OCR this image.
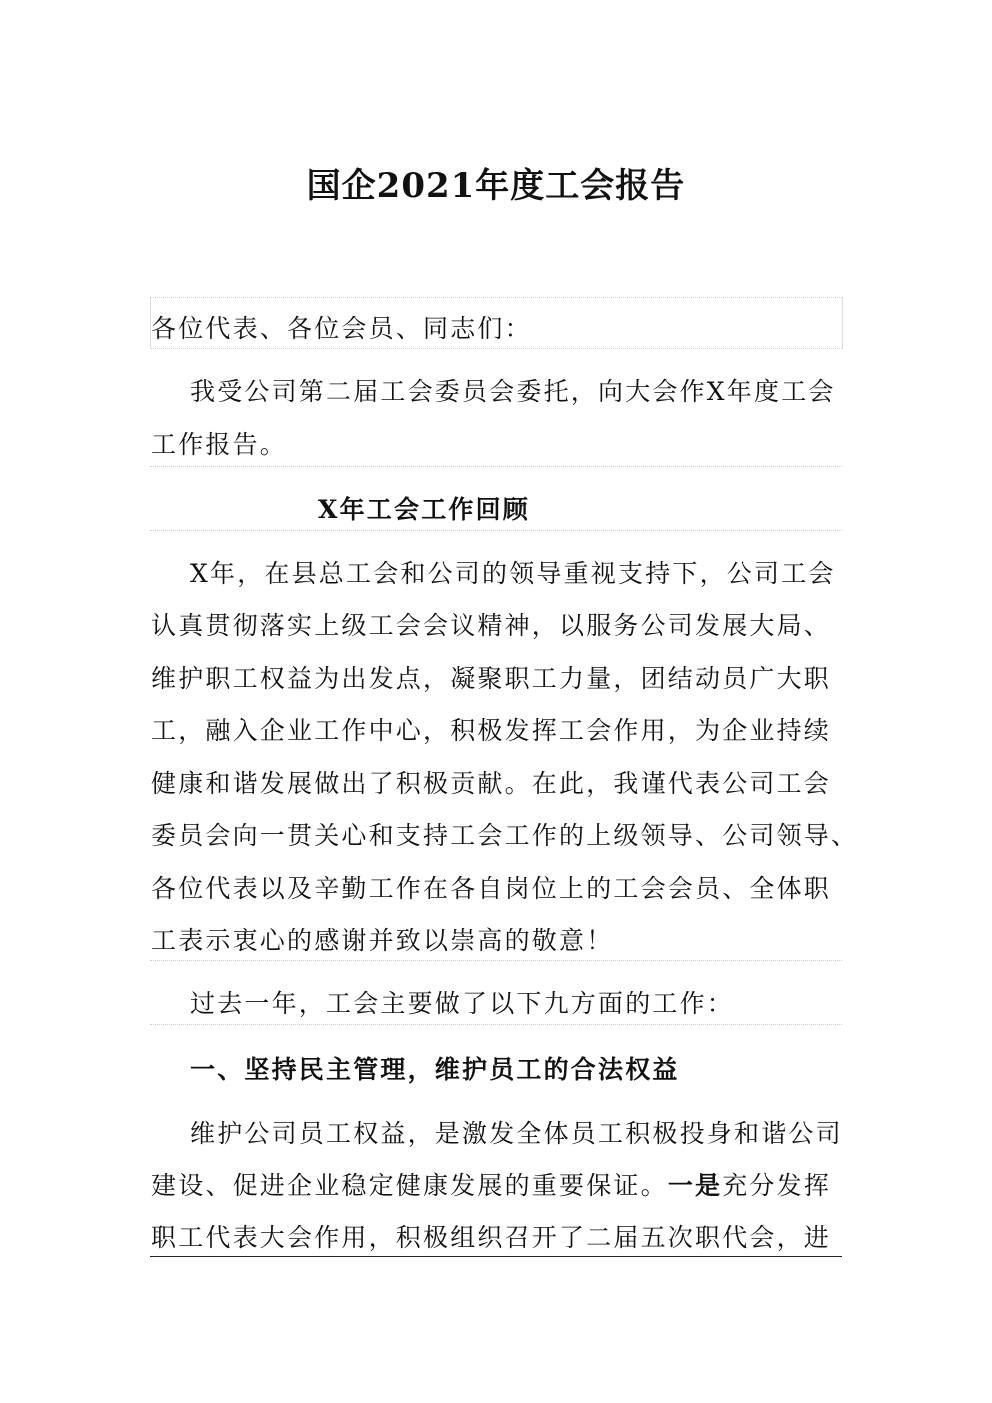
国企2021年度工会报告
各位代表、各位会员、同志们：
我受公司第二届工会委员会委托，向大会作X年度工会
工作报告。
X年工会工作回顾
X年，在县总工会和公司的领导重视支持下，公司工会
认真贯彻落实上级工会会议精神，以服务公司发展大局、
维护职工权益为出发点，凝聚职工力量，团结动员广大职
工，融入企业工作中心，积极发挥工会作用，为企业持续
健康和谐发展做出了积极贡献。在此，我谨代表公司工会
委员会向一贯关心和支持工会工作的上级领导、公司领导、
各位代表以及辛勤工作在各自岗位上的工会会员、全体职
工表示衷心的感谢并致以崇高的敬意！
过去一年，工会主要做了以下九方面的工作：
一、坚持民主管理，维护员工的合法权益
维护公司员工权益，是激发全体员工积极投身和谐公司
建设、促进企业稳定健康发展的重要保证。一是充分发挥
职工代表大会作用，积极组织召开了二届五次职代会，进
